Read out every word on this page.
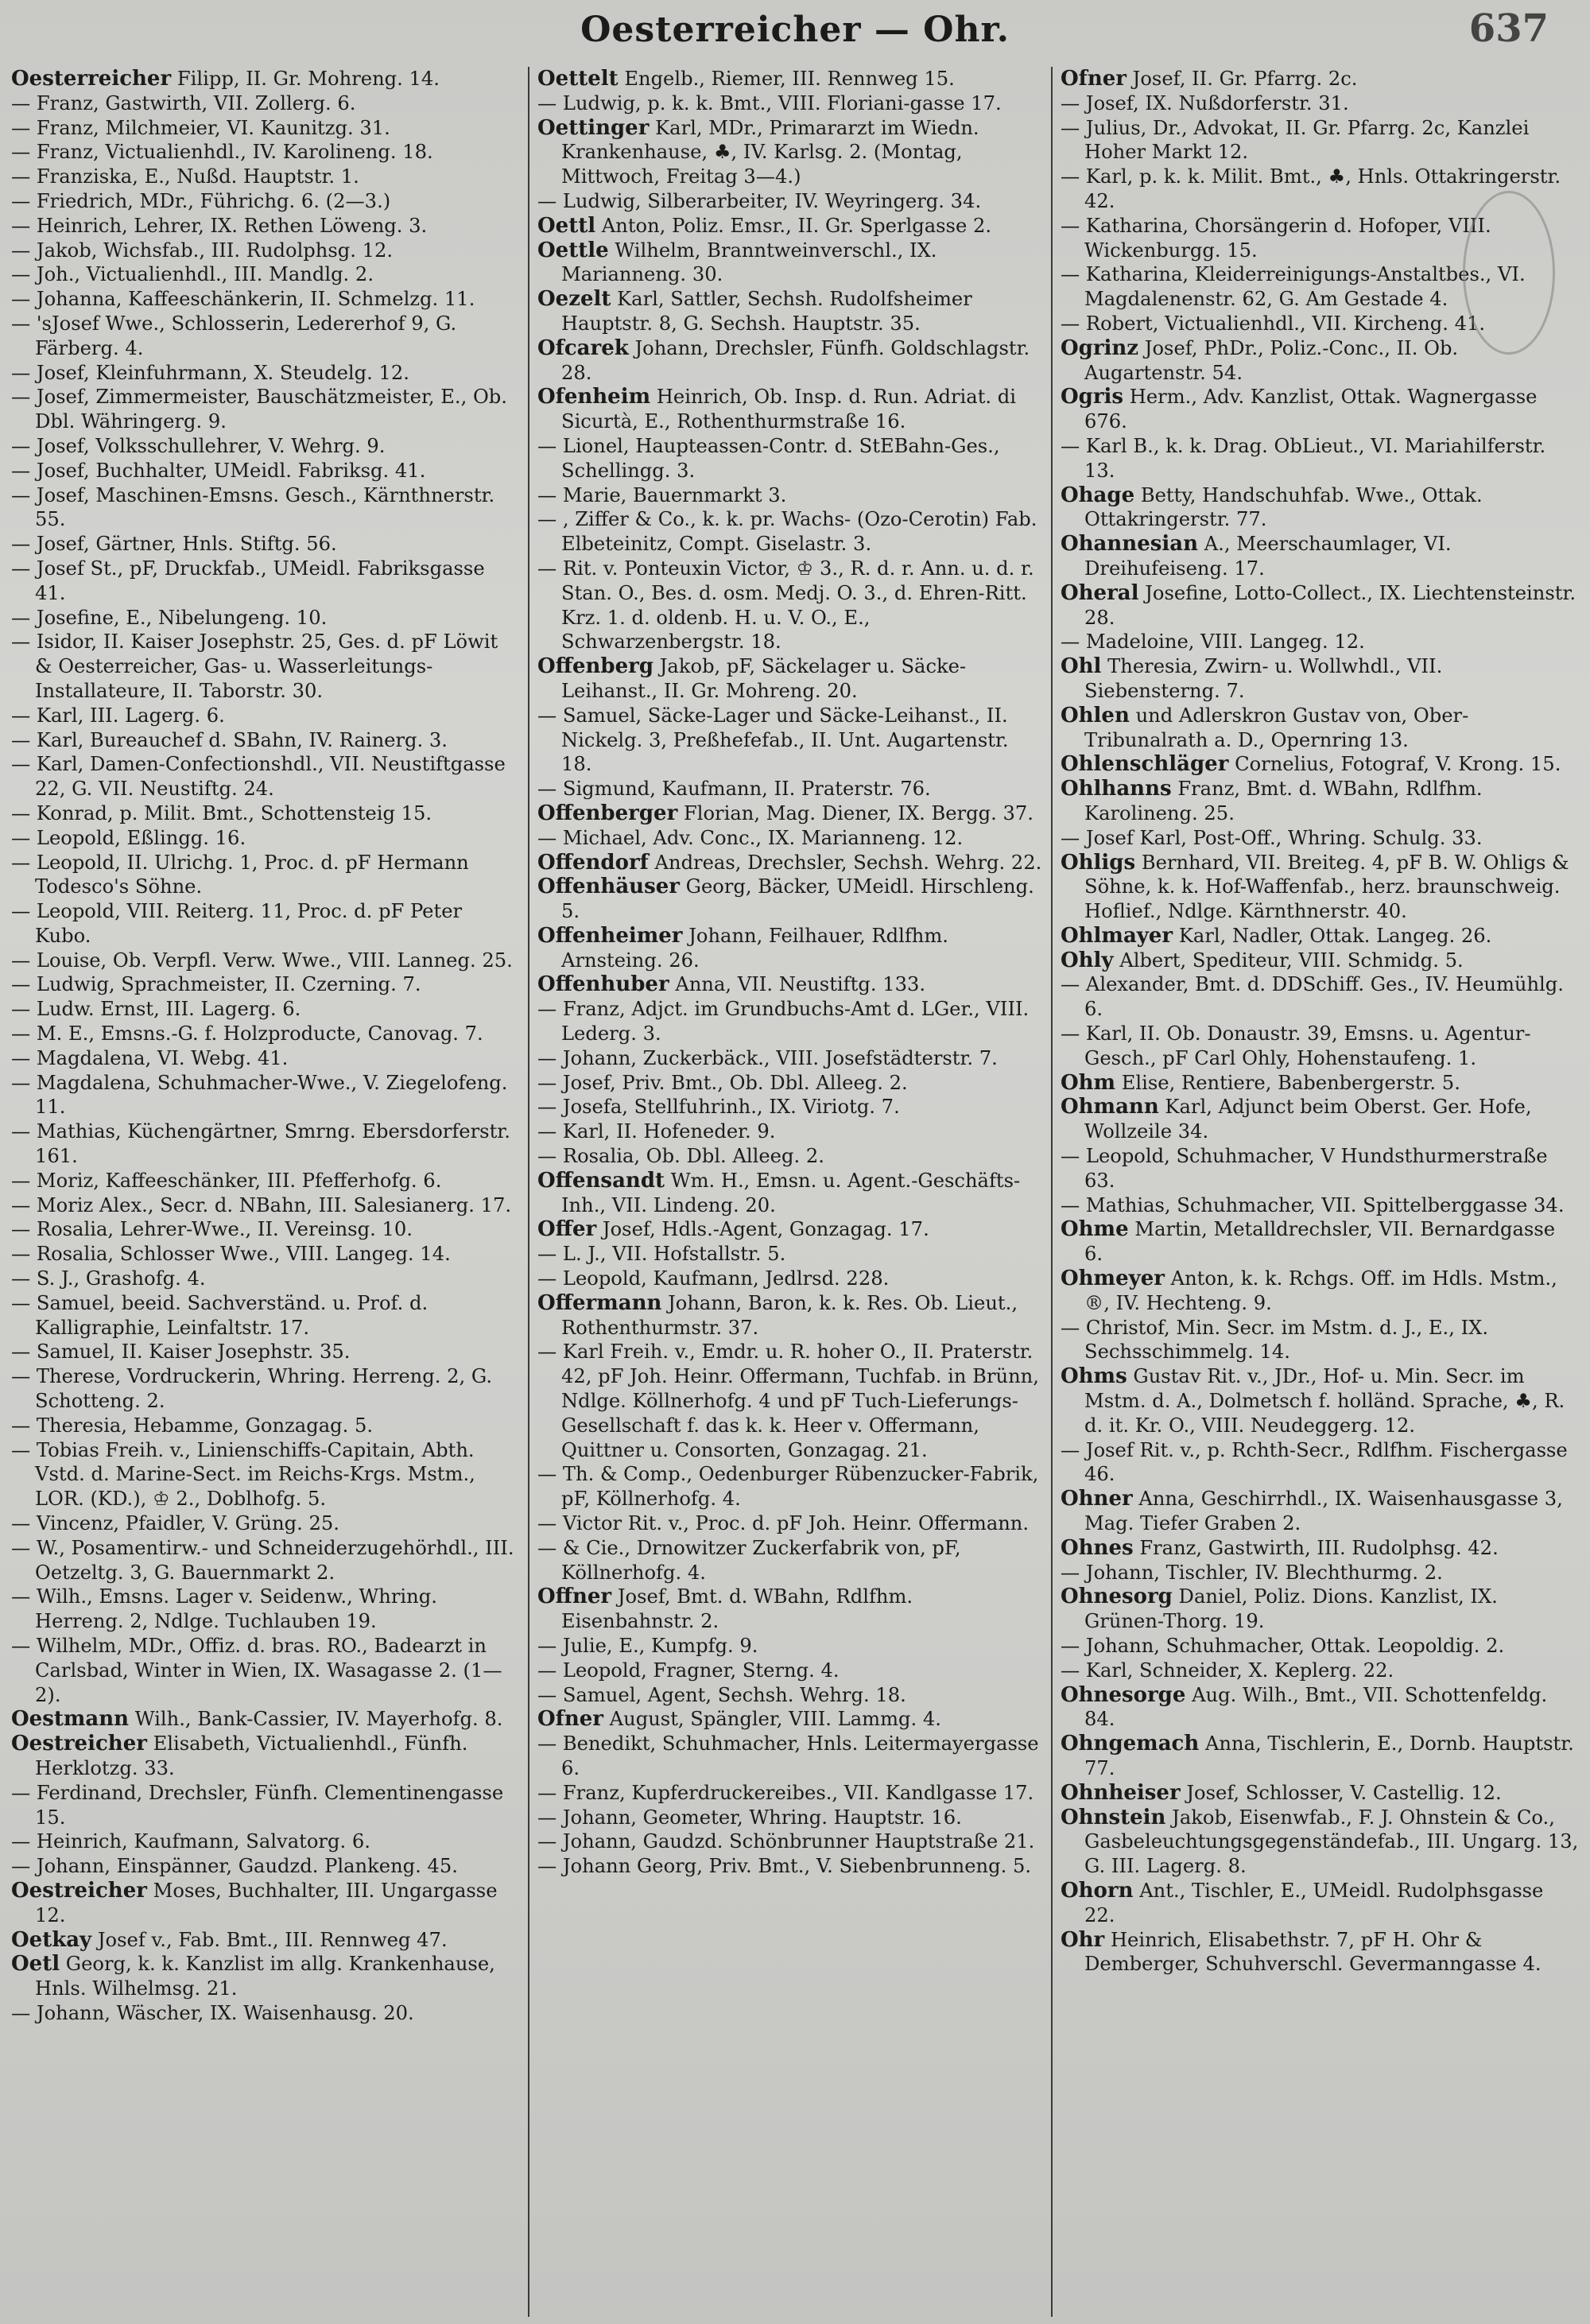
Oesterreicher — Ohr.	637

Oesterreicher Filipp, II. Gr. Mohreng. 14.

— Franz, Gastwirth, VII. Zollerg. 6.

— Franz, Milchmeier, VI. Kaunitzg. 31.

— Franz, Victualienhdl., IV. Karolineng. 18.

— Franziska, E., Nußd. Hauptstr. 1.

— Friedrich, MDr., Führichg. 6. (2—3.)

— Heinrich, Lehrer, IX. Rethen Löweng. 3.

— Jakob, Wichsfab., III. Rudolphsg. 12.

— Joh., Victualienhdl., III. Mandlg. 2.

— Johanna, Kaffeeschänkerin, II. Schmelzg. 11.

— 'sJosef Wwe., Schlosserin, Ledererhof 9, G. Färberg. 4.

— Josef, Kleinfuhrmann, X. Steudelg. 12.

— Josef, Zimmermeister, Bauschätzmeister, E., Ob. Dbl. Währingerg. 9.

— Josef, Volksschullehrer, V. Wehrg. 9.

— Josef, Buchhalter, UMeidl. Fabriksg. 41.

— Josef, Maschinen-Emsns. Gesch., Kärnthnerstr. 55.

— Josef, Gärtner, Hnls. Stiftg. 56.

— Josef St., pF, Druckfab., UMeidl. Fabriksgasse 41.

— Josefine, E., Nibelungeng. 10.

— Isidor, II. Kaiser Josephstr. 25, Ges. d. pF Löwit & Oesterreicher, Gas- u. Wasserleitungs-Installateure, II. Taborstr. 30.

— Karl, III. Lagerg. 6.

— Karl, Bureauchef d. SBahn, IV. Rainerg. 3.

— Karl, Damen-Confectionshdl., VII. Neustiftgasse 22, G. VII. Neustiftg. 24.

— Konrad, p. Milit. Bmt., Schottensteig 15.

— Leopold, Eßlingg. 16.

— Leopold, II. Ulrichg. 1, Proc. d. pF Hermann Todesco's Söhne.

— Leopold, VIII. Reiterg. 11, Proc. d. pF Peter Kubo.

— Louise, Ob. Verpfl. Verw. Wwe., VIII. Lanneg. 25.

— Ludwig, Sprachmeister, II. Czerning. 7.

— Ludw. Ernst, III. Lagerg. 6.

— M. E., Emsns.-G. f. Holzproducte, Canovag. 7.

— Magdalena, VI. Webg. 41.

— Magdalena, Schuhmacher-Wwe., V. Ziegelofeng. 11.

— Mathias, Küchengärtner, Smrng. Ebersdorferstr. 161.

— Moriz, Kaffeeschänker, III. Pfefferhofg. 6.

— Moriz Alex., Secr. d. NBahn, III. Salesianerg. 17.

— Rosalia, Lehrer-Wwe., II. Vereinsg. 10.

— Rosalia, Schlosser Wwe., VIII. Langeg. 14.

— S. J., Grashofg. 4.

— Samuel, beeid. Sachverständ. u. Prof. d. Kalligraphie, Leinfaltstr. 17.

— Samuel, II. Kaiser Josephstr. 35.

— Therese, Vordruckerin, Whring. Herreng. 2, G. Schotteng. 2.

— Theresia, Hebamme, Gonzagag. 5.

— Tobias Freih. v., Linienschiffs-Capitain, Abth. Vstd. d. Marine-Sect. im Reichs-Krgs. Mstm., LOR. (KD.), ♔ 2., Doblhofg. 5.

— Vincenz, Pfaidler, V. Grüng. 25.

— W., Posamentirw.- und Schneiderzugehörhdl., III. Oetzeltg. 3, G. Bauernmarkt 2.

— Wilh., Emsns. Lager v. Seidenw., Whring. Herreng. 2, Ndlge. Tuchlauben 19.

— Wilhelm, MDr., Offiz. d. bras. RO., Badearzt in Carlsbad, Winter in Wien, IX. Wasagasse 2. (1—2).

Oestmann Wilh., Bank-Cassier, IV. Mayerhofg. 8.

Oestreicher Elisabeth, Victualienhdl., Fünfh. Herklotzg. 33.

— Ferdinand, Drechsler, Fünfh. Clementinengasse 15.

— Heinrich, Kaufmann, Salvatorg. 6.

— Johann, Einspänner, Gaudzd. Plankeng. 45.

Oestreicher Moses, Buchhalter, III. Ungargasse 12.

Oetkay Josef v., Fab. Bmt., III. Rennweg 47.

Oetl Georg, k. k. Kanzlist im allg. Krankenhause, Hnls. Wilhelmsg. 21.

— Johann, Wäscher, IX. Waisenhausg. 20.

Oettelt Engelb., Riemer, III. Rennweg 15.

— Ludwig, p. k. k. Bmt., VIII. Floriani-gasse 17.

Oettinger Karl, MDr., Primararzt im Wiedn. Krankenhause, ♣, IV. Karlsg. 2. (Montag, Mittwoch, Freitag 3—4.)

— Ludwig, Silberarbeiter, IV. Weyringerg. 34.

Oettl Anton, Poliz. Emsr., II. Gr. Sperlgasse 2.

Oettle Wilhelm, Branntweinverschl., IX. Marianneng. 30.

Oezelt Karl, Sattler, Sechsh. Rudolfsheimer Hauptstr. 8, G. Sechsh. Hauptstr. 35.

Ofcarek Johann, Drechsler, Fünfh. Goldschlagstr. 28.

Ofenheim Heinrich, Ob. Insp. d. Run. Adriat. di Sicurtà, E., Rothenthurmstraße 16.

— Lionel, Haupteassen-Contr. d. StEBahn-Ges., Schellingg. 3.

— Marie, Bauernmarkt 3.

— , Ziffer & Co., k. k. pr. Wachs- (Ozo-Cerotin) Fab. Elbeteinitz, Compt. Giselastr. 3.

— Rit. v. Ponteuxin Victor, ♔ 3., R. d. r. Ann. u. d. r. Stan. O., Bes. d. osm. Medj. O. 3., d. Ehren-Ritt. Krz. 1. d. oldenb. H. u. V. O., E., Schwarzenbergstr. 18.

Offenberg Jakob, pF, Säckelager u. Säcke-Leihanst., II. Gr. Mohreng. 20.

— Samuel, Säcke-Lager und Säcke-Leihanst., II. Nickelg. 3, Preßhefefab., II. Unt. Augartenstr. 18.

— Sigmund, Kaufmann, II. Praterstr. 76.

Offenberger Florian, Mag. Diener, IX. Bergg. 37.

— Michael, Adv. Conc., IX. Marianneng. 12.

Offendorf Andreas, Drechsler, Sechsh. Wehrg. 22.

Offenhäuser Georg, Bäcker, UMeidl. Hirschleng. 5.

Offenheimer Johann, Feilhauer, Rdlfhm. Arnsteing. 26.

Offenhuber Anna, VII. Neustiftg. 133.

— Franz, Adjct. im Grundbuchs-Amt d. LGer., VIII. Lederg. 3.

— Johann, Zuckerbäck., VIII. Josefstädterstr. 7.

— Josef, Priv. Bmt., Ob. Dbl. Alleeg. 2.

— Josefa, Stellfuhrinh., IX. Viriotg. 7.

— Karl, II. Hofeneder. 9.

— Rosalia, Ob. Dbl. Alleeg. 2.

Offensandt Wm. H., Emsn. u. Agent.-Geschäfts-Inh., VII. Lindeng. 20.

Offer Josef, Hdls.-Agent, Gonzagag. 17.

— L. J., VII. Hofstallstr. 5.

— Leopold, Kaufmann, Jedlrsd. 228.

Offermann Johann, Baron, k. k. Res. Ob. Lieut., Rothenthurmstr. 37.

— Karl Freih. v., Emdr. u. R. hoher O., II. Praterstr. 42, pF Joh. Heinr. Offermann, Tuchfab. in Brünn, Ndlge. Köllnerhofg. 4 und pF Tuch-Lieferungs-Gesellschaft f. das k. k. Heer v. Offermann, Quittner u. Consorten, Gonzagag. 21.

— Th. & Comp., Oedenburger Rübenzucker-Fabrik, pF, Köllnerhofg. 4.

— Victor Rit. v., Proc. d. pF Joh. Heinr. Offermann.

— & Cie., Drnowitzer Zuckerfabrik von, pF, Köllnerhofg. 4.

Offner Josef, Bmt. d. WBahn, Rdlfhm. Eisenbahnstr. 2.

— Julie, E., Kumpfg. 9.

— Leopold, Fragner, Sterng. 4.

— Samuel, Agent, Sechsh. Wehrg. 18.

Ofner August, Spängler, VIII. Lammg. 4.

— Benedikt, Schuhmacher, Hnls. Leitermayergasse 6.

— Franz, Kupferdruckereibes., VII. Kandlgasse 17.

— Johann, Geometer, Whring. Hauptstr. 16.

— Johann, Gaudzd. Schönbrunner Hauptstraße 21.

— Johann Georg, Priv. Bmt., V. Siebenbrunneng. 5.

Ofner Josef, II. Gr. Pfarrg. 2c.

— Josef, IX. Nußdorferstr. 31.

— Julius, Dr., Advokat, II. Gr. Pfarrg. 2c, Kanzlei Hoher Markt 12.

— Karl, p. k. k. Milit. Bmt., ♣, Hnls. Ottakringerstr. 42.

— Katharina, Chorsängerin d. Hofoper, VIII. Wickenburgg. 15.

— Katharina, Kleiderreinigungs-Anstaltbes., VI. Magdalenenstr. 62, G. Am Gestade 4.

— Robert, Victualienhdl., VII. Kircheng. 41.

Ogrinz Josef, PhDr., Poliz.-Conc., II. Ob. Augartenstr. 54.

Ogris Herm., Adv. Kanzlist, Ottak. Wagnergasse 676.

— Karl B., k. k. Drag. ObLieut., VI. Mariahilferstr. 13.

Ohage Betty, Handschuhfab. Wwe., Ottak. Ottakringerstr. 77.

Ohannesian A., Meerschaumlager, VI. Dreihufeiseng. 17.

Oheral Josefine, Lotto-Collect., IX. Liechtensteinstr. 28.

— Madeloine, VIII. Langeg. 12.

Ohl Theresia, Zwirn- u. Wollwhdl., VII. Siebensterng. 7.

Ohlen und Adlerskron Gustav von, Ober-Tribunalrath a. D., Opernring 13.

Ohlenschläger Cornelius, Fotograf, V. Krong. 15.

Ohlhanns Franz, Bmt. d. WBahn, Rdlfhm. Karolineng. 25.

— Josef Karl, Post-Off., Whring. Schulg. 33.

Ohligs Bernhard, VII. Breiteg. 4, pF B. W. Ohligs & Söhne, k. k. Hof-Waffenfab., herz. braunschweig. Hoflief., Ndlge. Kärnthnerstr. 40.

Ohlmayer Karl, Nadler, Ottak. Langeg. 26.

Ohly Albert, Spediteur, VIII. Schmidg. 5.

— Alexander, Bmt. d. DDSchiff. Ges., IV. Heumühlg. 6.

— Karl, II. Ob. Donaustr. 39, Emsns. u. Agentur-Gesch., pF Carl Ohly, Hohenstaufeng. 1.

Ohm Elise, Rentiere, Babenbergerstr. 5.

Ohmann Karl, Adjunct beim Oberst. Ger. Hofe, Wollzeile 34.

— Leopold, Schuhmacher, V Hundsthurmerstraße 63.

— Mathias, Schuhmacher, VII. Spittelberggasse 34.

Ohme Martin, Metalldrechsler, VII. Bernardgasse 6.

Ohmeyer Anton, k. k. Rchgs. Off. im Hdls. Mstm., ®, IV. Hechteng. 9.

— Christof, Min. Secr. im Mstm. d. J., E., IX. Sechsschimmelg. 14.

Ohms Gustav Rit. v., JDr., Hof- u. Min. Secr. im Mstm. d. A., Dolmetsch f. holländ. Sprache, ♣, R. d. it. Kr. O., VIII. Neudeggerg. 12.

— Josef Rit. v., p. Rchth-Secr., Rdlfhm. Fischergasse 46.

Ohner Anna, Geschirrhdl., IX. Waisenhausgasse 3, Mag. Tiefer Graben 2.

Ohnes Franz, Gastwirth, III. Rudolphsg. 42.

— Johann, Tischler, IV. Blechthurmg. 2.

Ohnesorg Daniel, Poliz. Dions. Kanzlist, IX. Grünen-Thorg. 19.

— Johann, Schuhmacher, Ottak. Leopoldig. 2.

— Karl, Schneider, X. Keplerg. 22.

Ohnesorge Aug. Wilh., Bmt., VII. Schottenfeldg. 84.

Ohngemach Anna, Tischlerin, E., Dornb. Hauptstr. 77.

Ohnheiser Josef, Schlosser, V. Castellig. 12.

Ohnstein Jakob, Eisenwfab., F. J. Ohnstein & Co., Gasbeleuchtungsgegenständefab., III. Ungarg. 13, G. III. Lagerg. 8.

Ohorn Ant., Tischler, E., UMeidl. Rudolphsgasse 22.

Ohr Heinrich, Elisabethstr. 7, pF H. Ohr & Demberger, Schuhverschl. Gevermanngasse 4.
